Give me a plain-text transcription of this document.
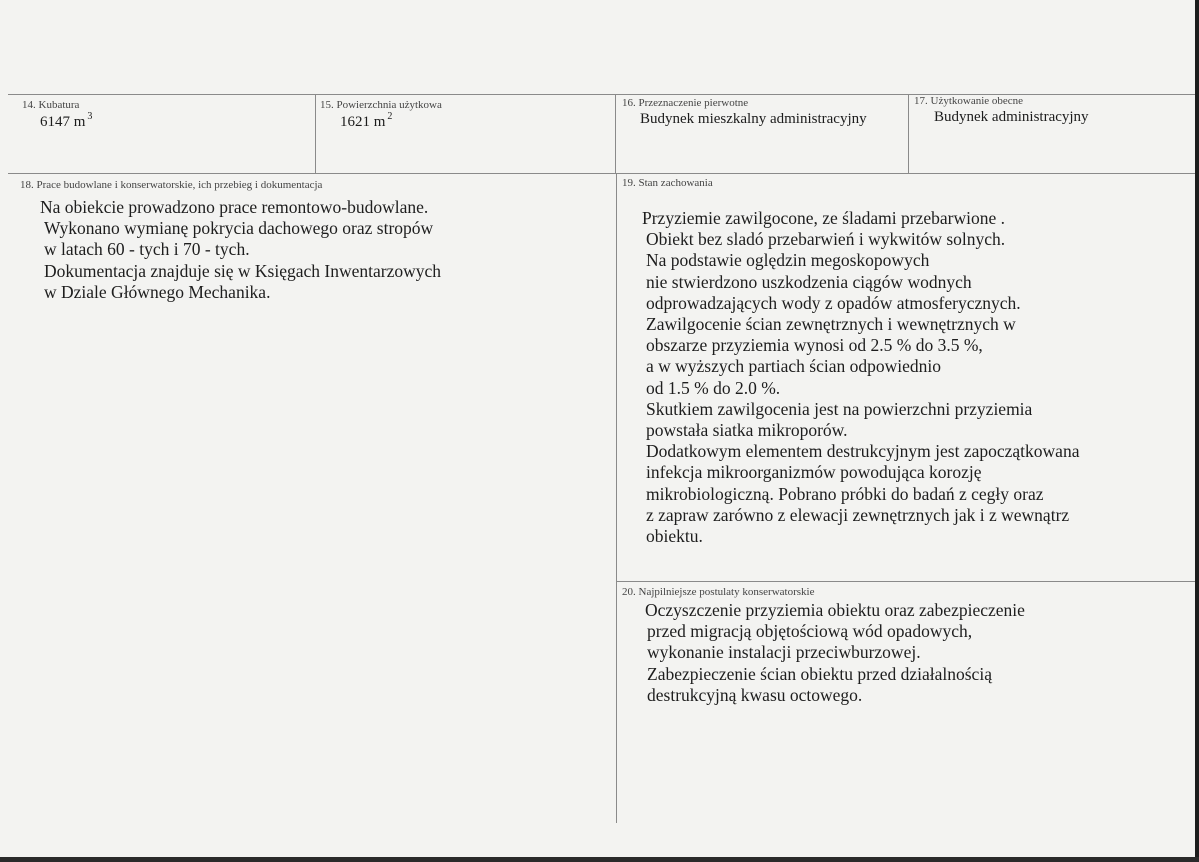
14. Kubatura
6147 m $^3$
15. Powierzchnia użytkowa
1621 m $^2$
16. Przeznaczenie pierwotne
Budynek mieszkalny administracyjny
17. Użytkowanie obecne
Budynek administracyjny
18. Prace budowlane i konserwatorskie, ich przebieg i dokumentacja
Na obiekcie prowadzono prace remontowo-budowlane.
Wykonano wymianę pokrycia dachowego oraz stropów
w latach 60 - tych i 70 - tych.
Dokumentacja znajduje się w Księgach Inwentarzowych
w Dziale Głównego Mechanika.
19. Stan zachowania
Przyziemie zawilgocone, ze śladami przebarwione .
Obiekt bez sladó przebarwień i wykwitów solnych.
Na podstawie oględzin megoskopowych
nie stwierdzono uszkodzenia ciągów wodnych
odprowadzających wody z opadów atmosferycznych.
Zawilgocenie ścian zewnętrznych i wewnętrznych w
obszarze przyziemia wynosi od 2.5 % do 3.5 %,
a w wyższych partiach ścian odpowiednio
od 1.5 % do 2.0 %.
Skutkiem zawilgocenia jest na powierzchni przyziemia
powstała siatka mikroporów.
Dodatkowym elementem destrukcyjnym jest zapoczątkowana
infekcja mikroorganizmów powodująca korozję
mikrobiologiczną. Pobrano próbki do badań z cegły oraz
z zapraw zarówno z elewacji zewnętrznych jak i z wewnątrz
obiektu.
20. Najpilniejsze postulaty konserwatorskie
Oczyszczenie przyziemia obiektu oraz zabezpieczenie
przed migracją objętościową wód opadowych,
wykonanie instalacji przeciwburzowej.
Zabezpieczenie ścian obiektu przed działalnością
destrukcyjną kwasu octowego.
